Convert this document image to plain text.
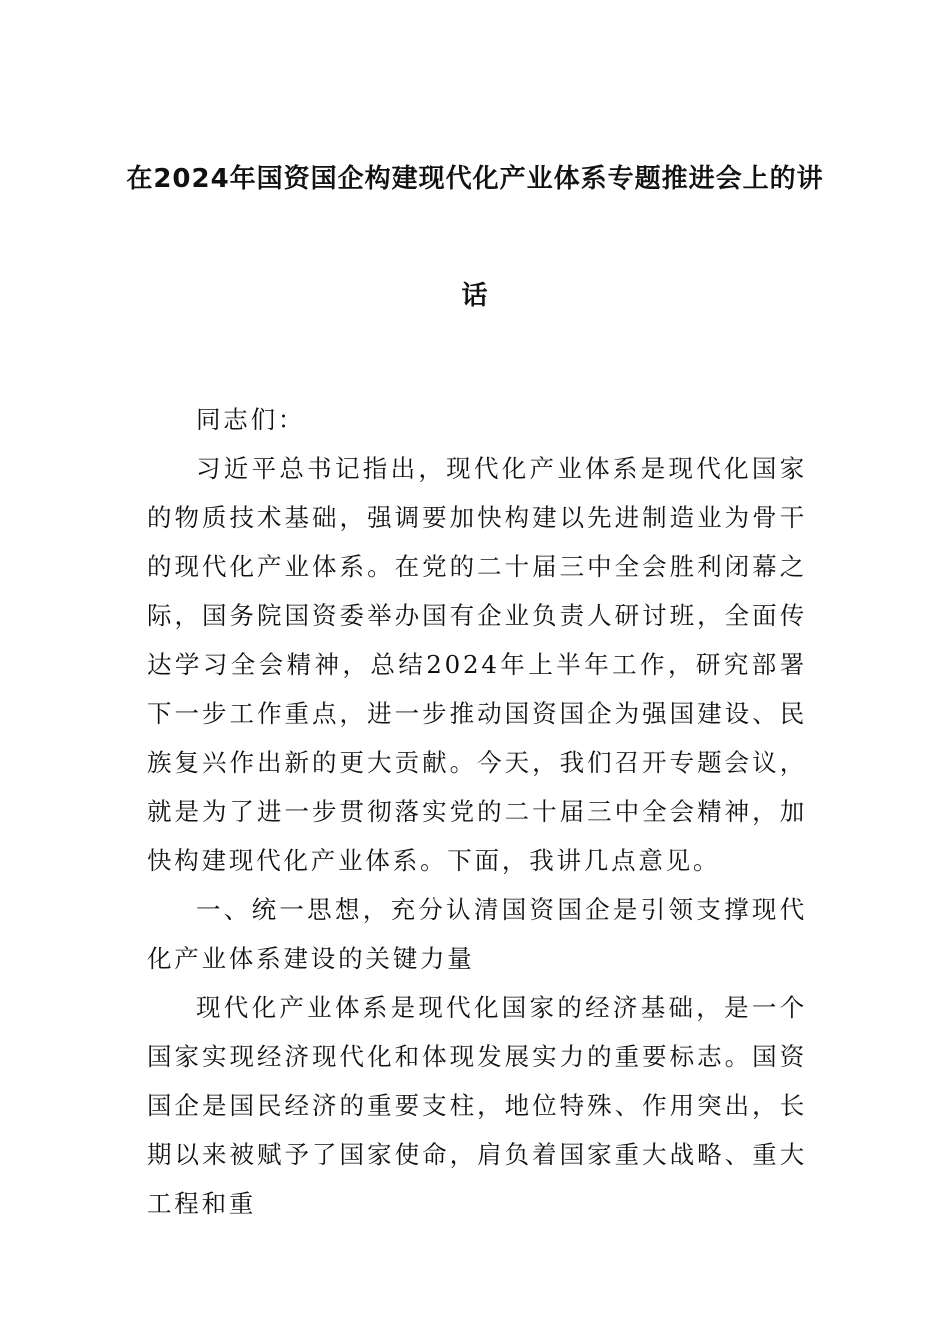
在2024年国资国企构建现代化产业体系专题推进会上的讲
话

同志们：

习近平总书记指出，现代化产业体系是现代化国家的物质技术基础，强调要加快构建以先进制造业为骨干的现代化产业体系。在党的二十届三中全会胜利闭幕之际，国务院国资委举办国有企业负责人研讨班，全面传达学习全会精神，总结2024年上半年工作，研究部署下一步工作重点，进一步推动国资国企为强国建设、民族复兴作出新的更大贡献。今天，我们召开专题会议，就是为了进一步贯彻落实党的二十届三中全会精神，加快构建现代化产业体系。下面，我讲几点意见。

一、统一思想，充分认清国资国企是引领支撑现代化产业体系建设的关键力量

现代化产业体系是现代化国家的经济基础，是一个国家实现经济现代化和体现发展实力的重要标志。国资国企是国民经济的重要支柱，地位特殊、作用突出，长期以来被赋予了国家使命，肩负着国家重大战略、重大工程和重
